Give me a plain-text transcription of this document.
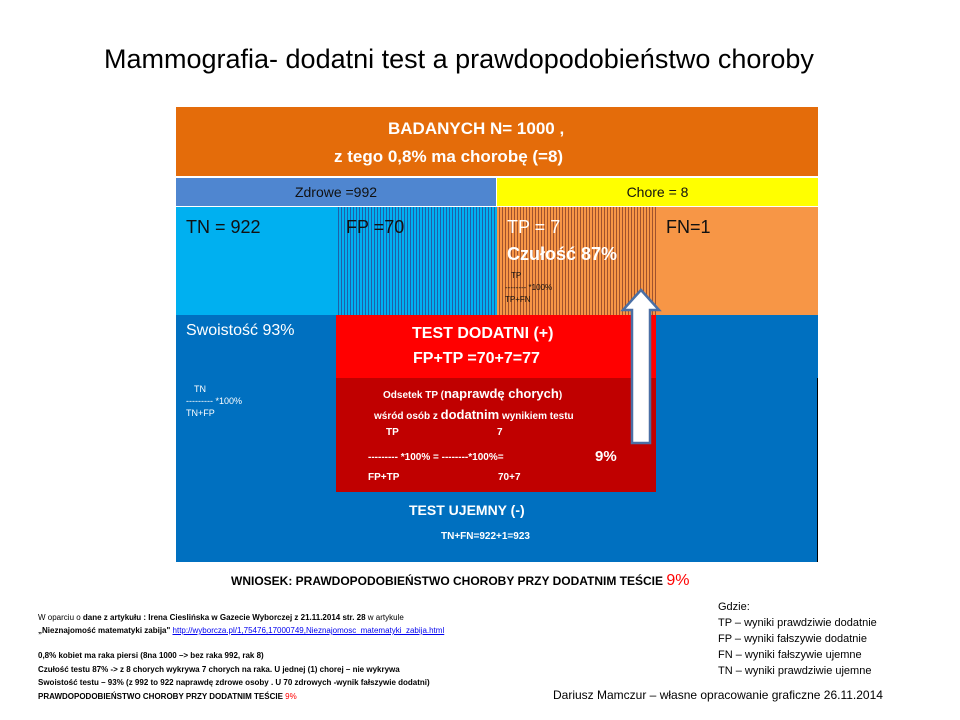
Mammografia- dodatni test a prawdopodobieństwo choroby
BADANYCH N= 1000 ,
z tego 0,8% ma chorobę (=8)
Zdrowe =992	Chore = 8
TN = 922	FP =70	TP = 7
Czułość 87%
TP
-------- *100%
TP+FN
FN=1
Swoistość 93%
TN
--------- *100%
TN+FP
TEST DODATNI (+)
FP+TP =70+7=77
Odsetek TP (naprawdę chorych)
wśród osób z dodatnim wynikiem testu
TP	7
--------- *100% = --------*100%=	9%
FP+TP	70+7
TEST UJEMNY (-)
TN+FN=922+1=923
WNIOSEK: PRAWDOPODOBIEŃSTWO CHOROBY PRZY DODATNIM TEŚCIE 9%
W oparciu o dane z artykułu : Irena Cieslińska w Gazecie Wyborczej z 21.11.2014 str. 28 w artykule
„Nieznajomość matematyki zabija" http://wyborcza.pl/1,75476,17000749,Nieznajomosc_matematyki_zabija.html
0,8% kobiet ma raka piersi (8na 1000 –> bez raka 992, rak 8)
Czułość testu 87% -> z 8 chorych wykrywa 7 chorych na raka. U jednej (1) chorej – nie wykrywa
Swoistość testu – 93% (z 992 to 922 naprawdę zdrowe osoby . U 70 zdrowych -wynik fałszywie dodatni)
PRAWDOPODOBIEŃSTWO CHOROBY PRZY DODATNIM TEŚCIE 9%
Gdzie:
TP – wyniki prawdziwie dodatnie
FP – wyniki fałszywie dodatnie
FN – wyniki fałszywie ujemne
TN – wyniki prawdziwie ujemne
Dariusz Mamczur – własne opracowanie graficzne 26.11.2014
